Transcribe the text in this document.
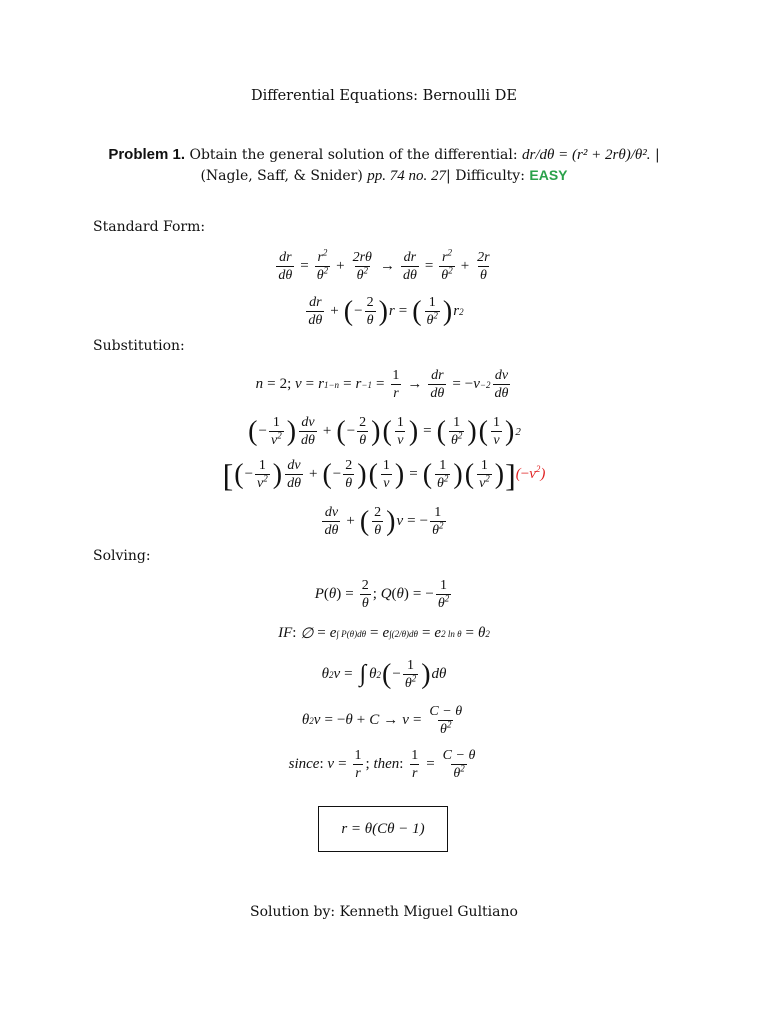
Differential Equations: Bernoulli DE
Problem 1. Obtain the general solution of the differential: dr/dθ = (r² + 2rθ)/θ². |
(Nagle, Saff, & Snider) pp. 74 no. 27| Difficulty: EASY
Standard Form:
$\frac{dr}{d\theta} = \frac{r^2}{\theta^2} + \frac{2r\theta}{\theta^2} \to \frac{dr}{d\theta} = \frac{r^2}{\theta^2} + \frac{2r}{\theta}$
$\frac{dr}{d\theta}$ + ( − $\frac{2}{\theta}$ ) r = ( $\frac{1}{\theta^2}$ ) r 2
Substitution:
n = 2; v = r $1-n = r -1 = \frac{1}{r} \to \frac{dr}{d\theta}$ = − $v -2 \frac{dv}{d\theta}$
( − $\frac{1}{v^2}$ ) $\frac{dv}{d\theta}$ + ( − $\frac{2}{\theta}$ ) ( $\frac{1}{v}$ ) = ( $\frac{1}{\theta^2}$ ) ( $\frac{1}{v}$ ) 2
[ ( − $\frac{1}{v^2}$ ) $\frac{dv}{d\theta}$ + ( − $\frac{2}{\theta}$ ) ( $\frac{1}{v}$ ) = ( $\frac{1}{\theta^2}$ ) ( $\frac{1}{v^2}$ ) ] $(-v^2)$
$\frac{dv}{d\theta}$ + ( $\frac{2}{\theta}$ ) v = − $\frac{1}{\theta^2}$
Solving:
P ( θ ) = $\frac{2}{\theta}$ ; Q ( θ ) = − $\frac{1}{\theta^2}$
IF : ∅ = e ∫ P(θ)dθ = e ∫(2/θ)dθ = e 2 ln θ = θ 2
θ 2 v = ∫ θ 2 ( − $\frac{1}{\theta^2}$ ) dθ
θ 2 v = − $\theta + C \to v = \frac{C - \theta}{\theta^2}$
since : $v = \frac{1}{r}$ ; then :
$\frac{1}{r} = \frac{C - \theta}{\theta^2}$
r = θ(Cθ − 1)
Solution by: Kenneth Miguel Gultiano
